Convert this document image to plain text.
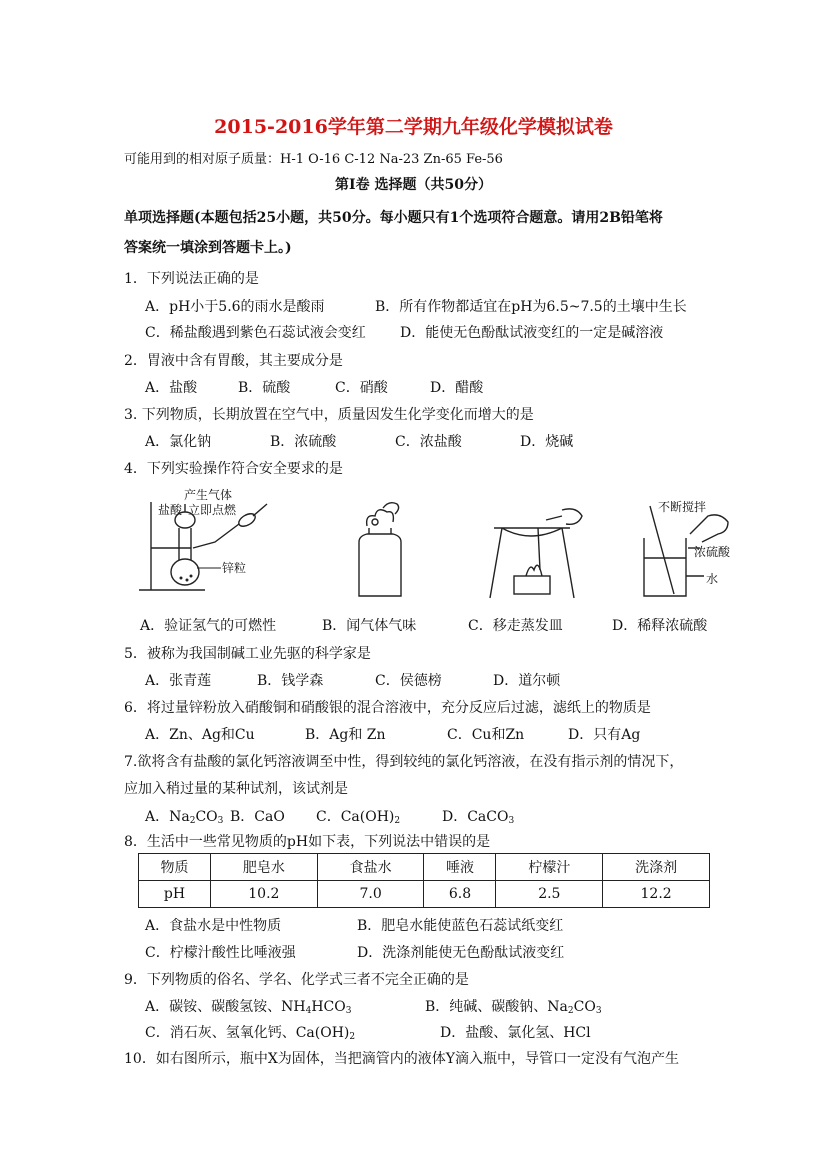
2015-2016学年第二学期九年级化学模拟试卷
可能用到的相对原子质量：H-1 O-16 C-12 Na-23 Zn-65 Fe-56
第Ⅰ卷 选择题（共50分）
单项选择题(本题包括25小题，共50分。每小题只有1个选项符合题意。请用2B铅笔将
答案统一填涂到答题卡上。)
1．下列说法正确的是
A．pH小于5.6的雨水是酸雨	B．所有作物都适宜在pH为6.5~7.5的土壤中生长
C．稀盐酸遇到紫色石蕊试液会变红 D．能使无色酚酞试液变红的一定是碱溶液
2．胃液中含有胃酸，其主要成分是
A．盐酸	B．硫酸	C．硝酸	D．醋酸
3. 下列物质，长期放置在空气中，质量因发生化学变化而增大的是
A．氯化钠	B．浓硫酸	C．浓盐酸	D．烧碱
4．下列实验操作符合安全要求的是
产生气体
盐酸 立即点燃
锌粒
不断搅拌
浓硫酸
水
A．验证氢气的可燃性	B．闻气体气味	C．移走蒸发皿	D．稀释浓硫酸
5．被称为我国制碱工业先驱的科学家是
A．张青莲	B．钱学森	C．侯德榜	D．道尔顿
6．将过量锌粉放入硝酸铜和硝酸银的混合溶液中，充分反应后过滤，滤纸上的物质是
A．Zn、Ag和Cu	B．Ag和 Zn	C．Cu和Zn	D．只有Ag
7.欲将含有盐酸的氯化钙溶液调至中性，得到较纯的氯化钙溶液，在没有指示剂的情况下，
应加入稍过量的某种试剂，该试剂是
A．$Na_2CO_3$ B．CaO C．$Ca(OH)_2$	D．CaCO$_3$
8．生活中一些常见物质的pH如下表，下列说法中错误的是
物质	肥皂水	食盐水	唾液	柠檬汁	洗涤剂
pH	10.2	7.0	6.8	2.5	12.2
A．食盐水是中性物质	B．肥皂水能使蓝色石蕊试纸变红
C．柠檬汁酸性比唾液强	D．洗涤剂能使无色酚酞试液变红
9．下列物质的俗名、学名、化学式三者不完全正确的是
A．碳铵、碳酸氢铵、$NH_4HCO_3$	B．纯碱、碳酸钠、$Na_2CO_3$
C．消石灰、氢氧化钙、$Ca(OH)_2$	D．盐酸、氯化氢、HCl
10．如右图所示，瓶中X为固体，当把滴管内的液体Y滴入瓶中，导管口一定没有气泡产生
